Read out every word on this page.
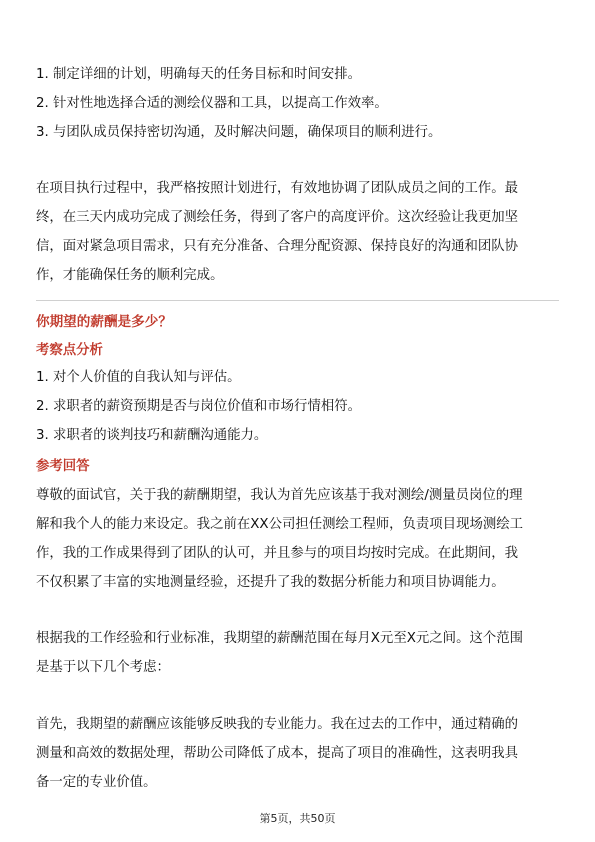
1. 制定详细的计划，明确每天的任务目标和时间安排。
2. 针对性地选择合适的测绘仪器和工具，以提高工作效率。
3. 与团队成员保持密切沟通，及时解决问题，确保项目的顺利进行。
在项目执行过程中，我严格按照计划进行，有效地协调了团队成员之间的工作。最
终，在三天内成功完成了测绘任务，得到了客户的高度评价。这次经验让我更加坚
信，面对紧急项目需求，只有充分准备、合理分配资源、保持良好的沟通和团队协
作，才能确保任务的顺利完成。
你期望的薪酬是多少？
考察点分析
1. 对个人价值的自我认知与评估。
2. 求职者的薪资预期是否与岗位价值和市场行情相符。
3. 求职者的谈判技巧和薪酬沟通能力。
参考回答
尊敬的面试官，关于我的薪酬期望，我认为首先应该基于我对测绘/测量员岗位的理
解和我个人的能力来设定。我之前在XX公司担任测绘工程师，负责项目现场测绘工
作，我的工作成果得到了团队的认可，并且参与的项目均按时完成。在此期间，我
不仅积累了丰富的实地测量经验，还提升了我的数据分析能力和项目协调能力。
根据我的工作经验和行业标准，我期望的薪酬范围在每月X元至X元之间。这个范围
是基于以下几个考虑：
首先，我期望的薪酬应该能够反映我的专业能力。我在过去的工作中，通过精确的
测量和高效的数据处理，帮助公司降低了成本，提高了项目的准确性，这表明我具
备一定的专业价值。
第5页，共50页
